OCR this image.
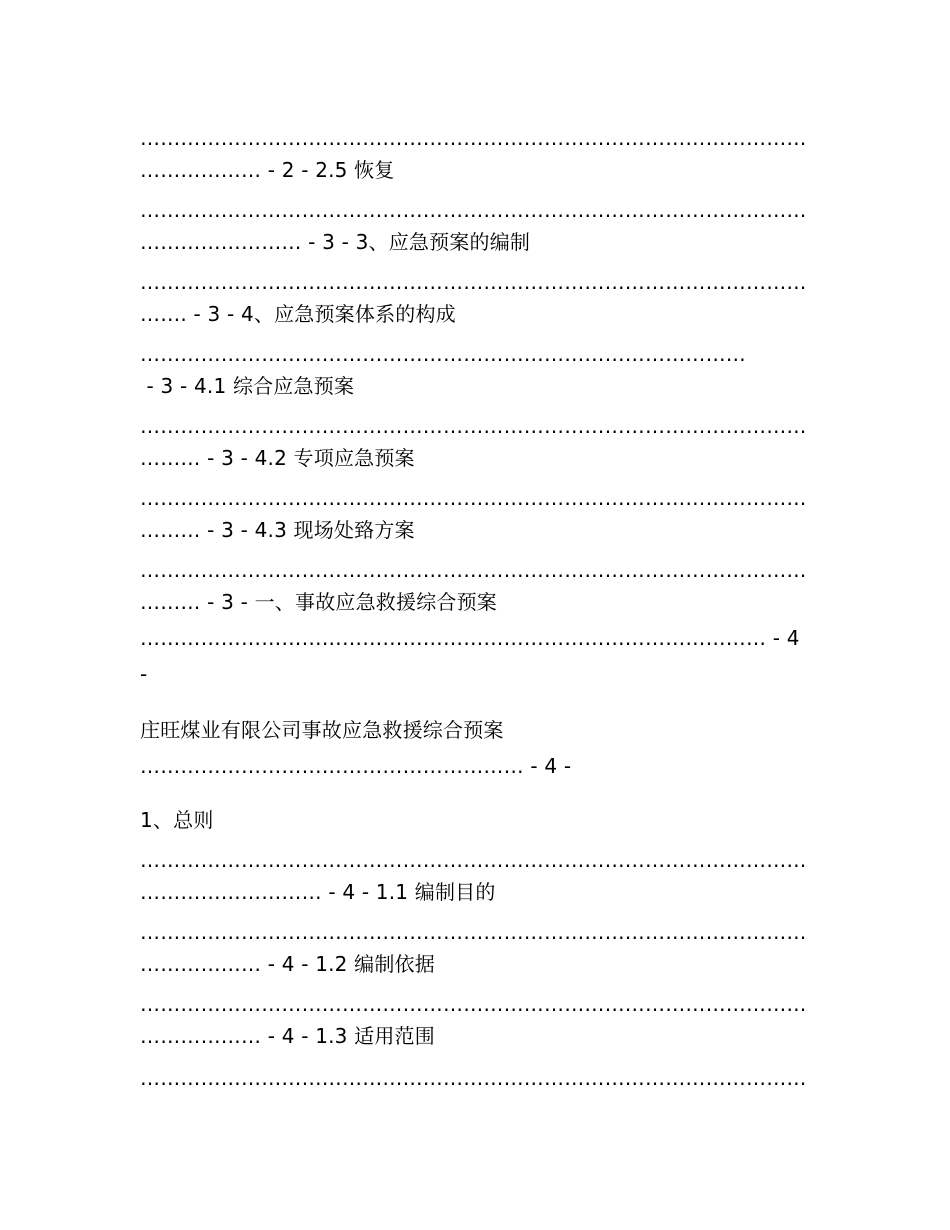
………………………………………………………………………………………
……………… - 2 - 2.5 恢复
………………………………………………………………………………………
…………………… - 3 - 3、应急预案的编制
………………………………………………………………………………………
……. - 3 - 4、应急预案体系的构成
………………………………………………………………………………
- 3 - 4.1 综合应急预案
………………………………………………………………………………………
……… - 3 - 4.2 专项应急预案
………………………………………………………………………………………
……… - 3 - 4.3 现场处臵方案
………………………………………………………………………………………
……… - 3 - 一、事故应急救援综合预案
………………………………………………………………………………… - 4
-
庄旺煤业有限公司事故应急救援综合预案
………………………………………………… - 4 -
1、总则
………………………………………………………………………………………
……………………… - 4 - 1.1 编制目的
………………………………………………………………………………………
……………… - 4 - 1.2 编制依据
………………………………………………………………………………………
……………… - 4 - 1.3 适用范围
………………………………………………………………………………………
